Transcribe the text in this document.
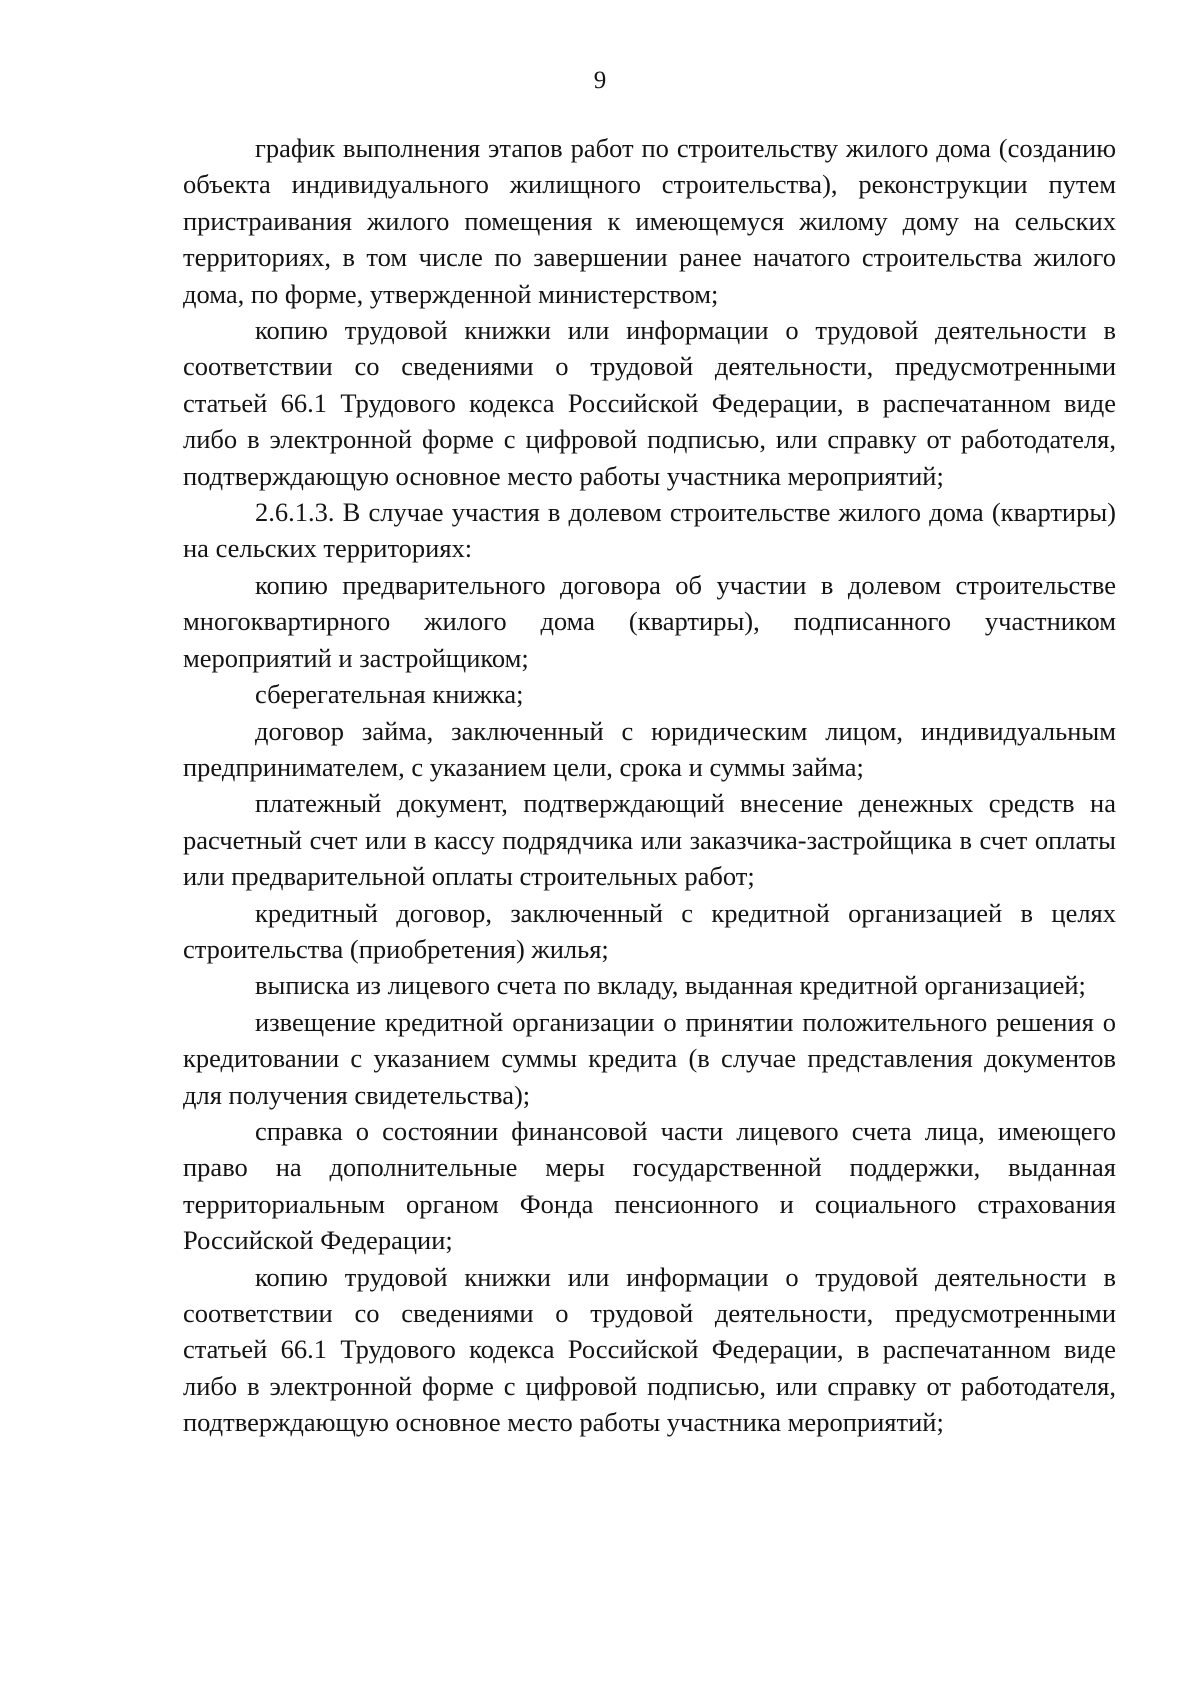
9

график выполнения этапов работ по строительству жилого дома (созданию объекта индивидуального жилищного строительства), реконструкции путем пристраивания жилого помещения к имеющемуся жилому дому на сельских территориях, в том числе по завершении ранее начатого строительства жилого дома, по форме, утвержденной министерством;

копию трудовой книжки или информации о трудовой деятельности в соответствии со сведениями о трудовой деятельности, предусмотренными статьей 66.1 Трудового кодекса Российской Федерации, в распечатанном виде либо в электронной форме с цифровой подписью, или справку от работодателя, подтверждающую основное место работы участника мероприятий;

2.6.1.3. В случае участия в долевом строительстве жилого дома (квартиры) на сельских территориях:

копию предварительного договора об участии в долевом строительстве многоквартирного жилого дома (квартиры), подписанного участником мероприятий и застройщиком;

сберегательная книжка;

договор займа, заключенный с юридическим лицом, индивидуальным предпринимателем, с указанием цели, срока и суммы займа;

платежный документ, подтверждающий внесение денежных средств на расчетный счет или в кассу подрядчика или заказчика-застройщика в счет оплаты или предварительной оплаты строительных работ;

кредитный договор, заключенный с кредитной организацией в целях строительства (приобретения) жилья;

выписка из лицевого счета по вкладу, выданная кредитной организацией;

извещение кредитной организации о принятии положительного решения о кредитовании с указанием суммы кредита (в случае представления документов для получения свидетельства);

справка о состоянии финансовой части лицевого счета лица, имеющего право на дополнительные меры государственной поддержки, выданная территориальным органом Фонда пенсионного и социального страхования Российской Федерации;

копию трудовой книжки или информации о трудовой деятельности в соответствии со сведениями о трудовой деятельности, предусмотренными статьей 66.1 Трудового кодекса Российской Федерации, в распечатанном виде либо в электронной форме с цифровой подписью, или справку от работодателя, подтверждающую основное место работы участника мероприятий;
